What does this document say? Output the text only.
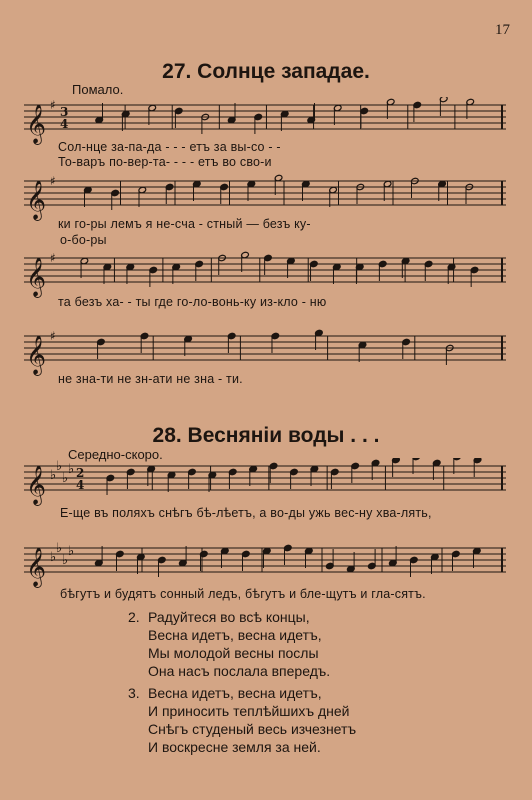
17
27. Солнце западае.
Помало.
𝄞 ♯ 3
4
Сол-нце за-па-да - - - етъ за вы-со - -
То-варъ по-вер-та- - - - етъ во сво-и
𝄞 ♯
ки го-ры лемъ я не-сча - стный — безъ ку-
о-бо-ры
𝄞 ♯
та безъ ха- - ты где го-ло-вонь-ку из-кло - ню
𝄞 ♯
не зна-ти не зн-ати не зна - ти.
28. Весняніи воды . . .
Середно-скоро.
𝄞 ♭
♭
♭
♭ 2
4
Е-ще въ поляхъ снѣгъ бѣ-лѣетъ, а во-ды ужь вес-ну хва-лять,
𝄞 ♭
♭
♭
♭
бѣгутъ и будятъ сонный ледъ, бѣгутъ и бле-щутъ и гла-сятъ.
2. Радуйтеся во всѣ концы,
Весна идетъ, весна идетъ,
Мы молодой весны послы
Она насъ послала впередъ.
3. Весна идетъ, весна идетъ,
И приносить теплѣйшихъ дней
Снѣгъ студеный весь изчезнетъ
И воскресне земля за ней.
